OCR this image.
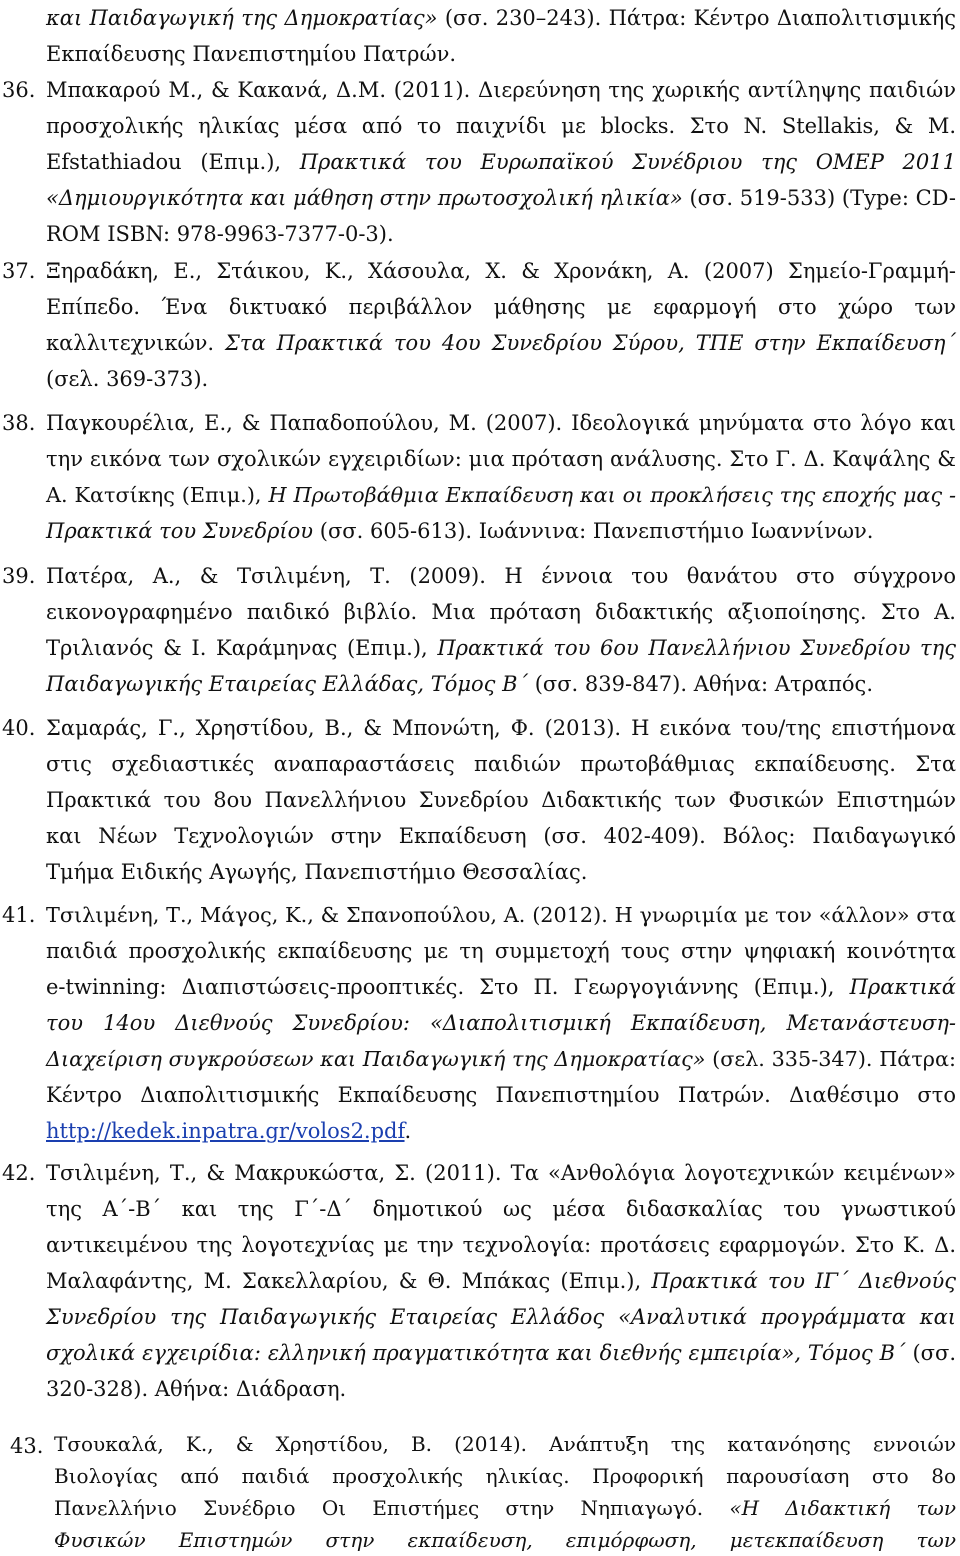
και Παιδαγωγική της Δημοκρατίας» (σσ. 230–243). Πάτρα: Κέντρο Διαπολιτισμικής
Εκπαίδευσης Πανεπιστημίου Πατρών.
36. Μπακαρού Μ., & Κακανά, Δ.Μ. (2011). Διερεύνηση της χωρικής αντίληψης παιδιών
προσχολικής ηλικίας μέσα από το παιχνίδι με blocks. Στο N. Stellakis, & M.
Efstathiadou (Επιμ.), Πρακτικά του Ευρωπαϊκού Συνέδριου της ΟΜΕΡ 2011
«Δημιουργικότητα και μάθηση στην πρωτοσχολική ηλικία» (σσ. 519-533) (Type: CD-
ROM ISBN: 978-9963-7377-0-3).
37. Ξηραδάκη, Ε., Στάικου, Κ., Χάσουλα, Χ. & Χρονάκη, Α. (2007) Σημείο-Γραμμή-
Επίπεδο. Ένα δικτυακό περιβάλλον μάθησης με εφαρμογή στο χώρο των
καλλιτεχνικών. Στα Πρακτικά του 4ου Συνεδρίου Σύρου, ΤΠΕ στην Εκπαίδευση΄
(σελ. 369-373).
38. Παγκουρέλια, Ε., & Παπαδοπούλου, Μ. (2007). Ιδεολογικά μηνύματα στο λόγο και
την εικόνα των σχολικών εγχειριδίων: μια πρόταση ανάλυσης. Στο Γ. Δ. Καψάλης &
Α. Κατσίκης (Επιμ.), Η Πρωτοβάθμια Εκπαίδευση και οι προκλήσεις της εποχής μας -
Πρακτικά του Συνεδρίου (σσ. 605-613). Ιωάννινα: Πανεπιστήμιο Ιωαννίνων.
39. Πατέρα, Α., & Τσιλιμένη, Τ. (2009). Η έννοια του θανάτου στο σύγχρονο
εικονογραφημένο παιδικό βιβλίο. Μια πρόταση διδακτικής αξιοποίησης. Στο Α.
Τριλιανός & Ι. Καράμηνας (Επιμ.), Πρακτικά του 6ου Πανελλήνιου Συνεδρίου της
Παιδαγωγικής Εταιρείας Ελλάδας, Τόμος Β΄ (σσ. 839-847). Αθήνα: Ατραπός.
40. Σαμαράς, Γ., Χρηστίδου, Β., & Μπονώτη, Φ. (2013). Η εικόνα του/της επιστήμονα
στις σχεδιαστικές αναπαραστάσεις παιδιών πρωτοβάθμιας εκπαίδευσης. Στα
Πρακτικά του 8ου Πανελλήνιου Συνεδρίου Διδακτικής των Φυσικών Επιστημών
και Νέων Τεχνολογιών στην Εκπαίδευση (σσ. 402-409). Βόλος: Παιδαγωγικό
Τμήμα Ειδικής Αγωγής, Πανεπιστήμιο Θεσσαλίας.
41. Τσιλιμένη, Τ., Μάγος, Κ., & Σπανοπούλου, Α. (2012). Η γνωριμία με τον «άλλον» στα
παιδιά προσχολικής εκπαίδευσης με τη συμμετοχή τους στην ψηφιακή κοινότητα
e-twinning: Διαπιστώσεις-προοπτικές. Στο Π. Γεωργογιάννης (Επιμ.), Πρακτικά
του 14ου Διεθνούς Συνεδρίου: «Διαπολιτισμική Εκπαίδευση, Μετανάστευση-
Διαχείριση συγκρούσεων και Παιδαγωγική της Δημοκρατίας» (σελ. 335-347). Πάτρα:
Κέντρο Διαπολιτισμικής Εκπαίδευσης Πανεπιστημίου Πατρών. Διαθέσιμο στο
http://kedek.inpatra.gr/volos2.pdf.
42. Τσιλιμένη, Τ., & Μακρυκώστα, Σ. (2011). Τα «Ανθολόγια λογοτεχνικών κειμένων»
της Α΄-Β΄ και της Γ΄-Δ΄ δημοτικού ως μέσα διδασκαλίας του γνωστικού
αντικειμένου της λογοτεχνίας με την τεχνολογία: προτάσεις εφαρμογών. Στο Κ. Δ.
Μαλαφάντης, Μ. Σακελλαρίου, & Θ. Μπάκας (Επιμ.), Πρακτικά του ΙΓ΄ Διεθνούς
Συνεδρίου της Παιδαγωγικής Εταιρείας Ελλάδος «Αναλυτικά προγράμματα και
σχολικά εγχειρίδια: ελληνική πραγματικότητα και διεθνής εμπειρία», Τόμος Β΄ (σσ.
320-328). Αθήνα: Διάδραση.
43. Τσουκαλά, Κ., & Χρηστίδου, Β. (2014). Ανάπτυξη της κατανόησης εννοιών
Βιολογίας από παιδιά προσχολικής ηλικίας. Προφορική παρουσίαση στο 8ο
Πανελλήνιο Συνέδριο Οι Επιστήμες στην Νηπιαγωγό. «Η Διδακτική των
Φυσικών Επιστημών στην εκπαίδευση, επιμόρφωση, μετεκπαίδευση των
